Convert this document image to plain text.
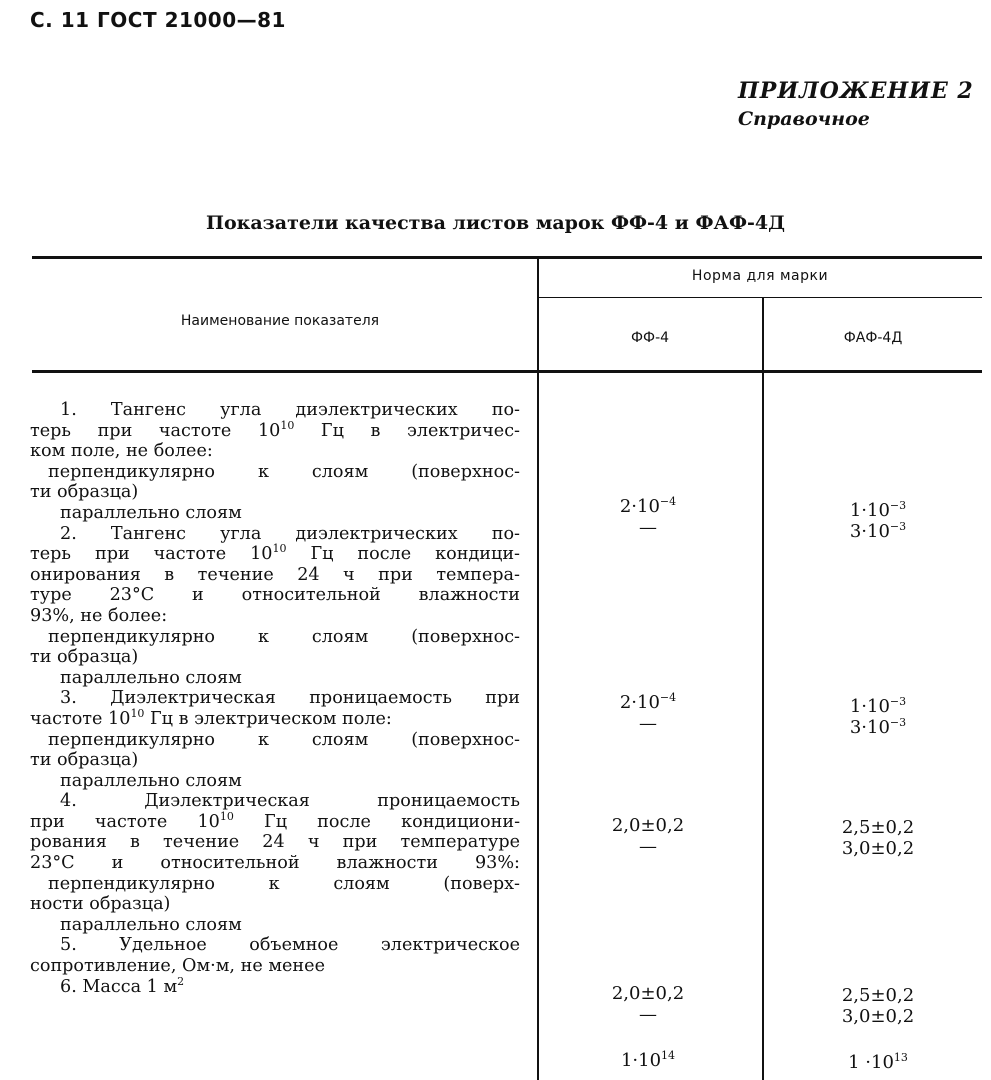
С. 11 ГОСТ 21000—81
ПРИЛОЖЕНИЕ 2
Справочное
Показатели качества листов марок ФФ-4 и ФАФ-4Д
Наименование показателя
Норма для марки
ФФ-4	ФАФ-4Д
1. Тангенс угла диэлектрических по-
терь при частоте $10^{10}$ Гц в электричес-
ком поле, не более:
перпендикулярно к слоям (поверхнос-
ти образца)
параллельно слоям
2. Тангенс угла диэлектрических по-
терь при частоте $10^{10}$ Гц после кондици-
онирования в течение 24 ч при темпера-
туре 23°С и относительной влажности
93%, не более:
перпендикулярно к слоям (поверхнос-
ти образца)
параллельно слоям
3. Диэлектрическая проницаемость при
частоте $10^{10}$ Гц в электрическом поле:
перпендикулярно к слоям (поверхнос-
ти образца)
параллельно слоям
4. Диэлектрическая проницаемость
при частоте $10^{10}$ Гц после кондициони-
рования в течение 24 ч при температуре
23°С и относительной влажности 93%:
перпендикулярно к слоям (поверх-
ности образца)
параллельно слоям
5. Удельное объемное электрическое
сопротивление, Ом·м, не менее
6. Масса 1 $м^2$
$2\cdot 10^{-4}$
—
$2\cdot 10^{-4}$
—
2,0±0,2
—
2,0±0,2
—
$1\cdot 10^{14}$
$1\cdot 10^{-3}$
$3\cdot 10^{-3}$
$1\cdot 10^{-3}$
$3\cdot 10^{-3}$
2,5±0,2
3,0±0,2
2,5±0,2
3,0±0,2
$1 \cdot 10^{13}$
